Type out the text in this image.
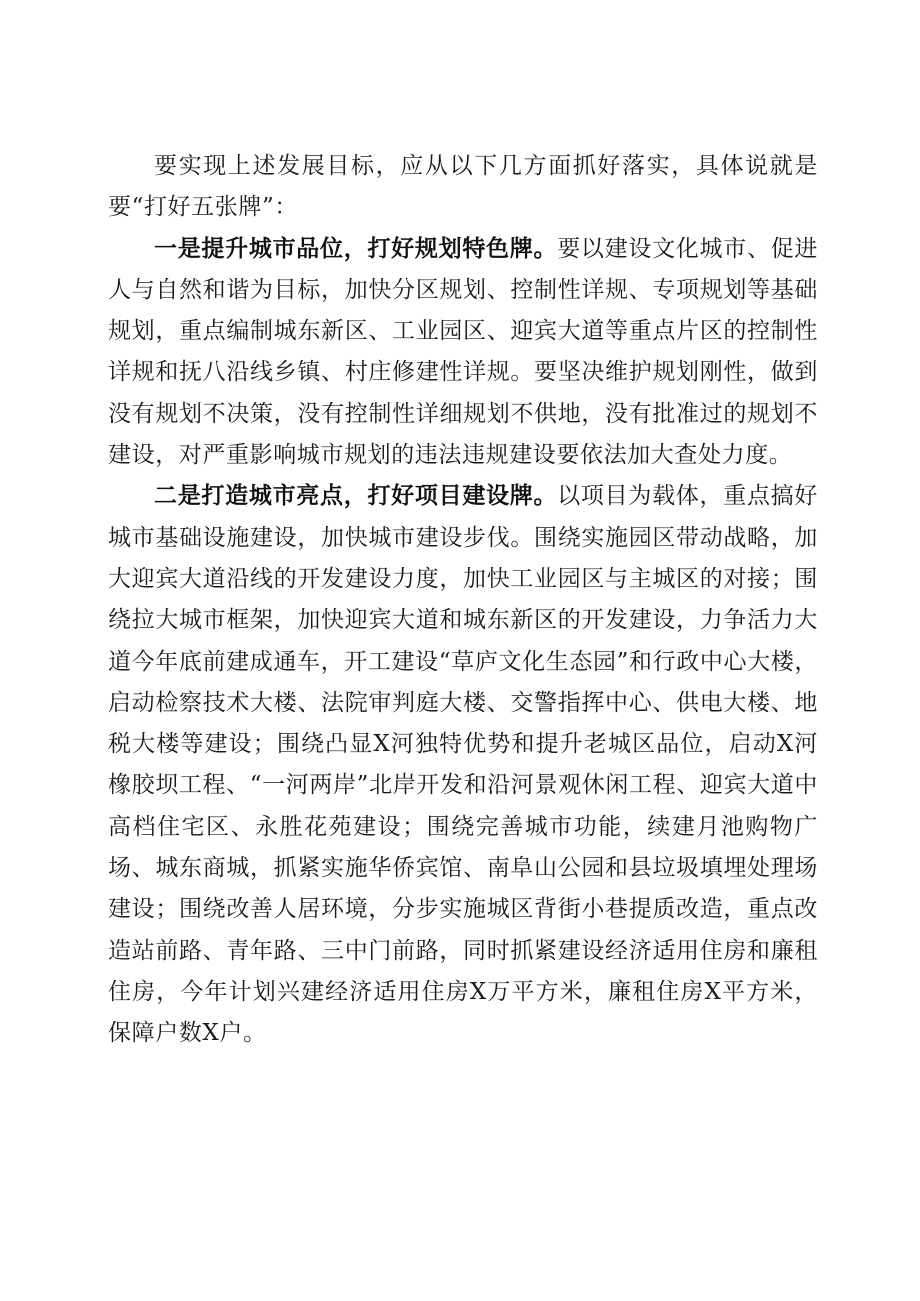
要实现上述发展目标，应从以下几方面抓好落实，具体说就是要“打好五张牌”：

一是提升城市品位，打好规划特色牌。要以建设文化城市、促进人与自然和谐为目标，加快分区规划、控制性详规、专项规划等基础规划，重点编制城东新区、工业园区、迎宾大道等重点片区的控制性详规和抚八沿线乡镇、村庄修建性详规。要坚决维护规划刚性，做到没有规划不决策，没有控制性详细规划不供地，没有批准过的规划不建设，对严重影响城市规划的违法违规建设要依法加大查处力度。

二是打造城市亮点，打好项目建设牌。以项目为载体，重点搞好城市基础设施建设，加快城市建设步伐。围绕实施园区带动战略，加大迎宾大道沿线的开发建设力度，加快工业园区与主城区的对接；围绕拉大城市框架，加快迎宾大道和城东新区的开发建设，力争活力大道今年底前建成通车，开工建设“草庐文化生态园”和行政中心大楼，启动检察技术大楼、法院审判庭大楼、交警指挥中心、供电大楼、地税大楼等建设；围绕凸显X河独特优势和提升老城区品位，启动X河橡胶坝工程、“一河两岸”北岸开发和沿河景观休闲工程、迎宾大道中高档住宅区、永胜花苑建设；围绕完善城市功能，续建月池购物广场、城东商城，抓紧实施华侨宾馆、南阜山公园和县垃圾填埋处理场建设；围绕改善人居环境，分步实施城区背街小巷提质改造，重点改造站前路、青年路、三中门前路，同时抓紧建设经济适用住房和廉租住房，今年计划兴建经济适用住房X万平方米，廉租住房X平方米，保障户数X户。
